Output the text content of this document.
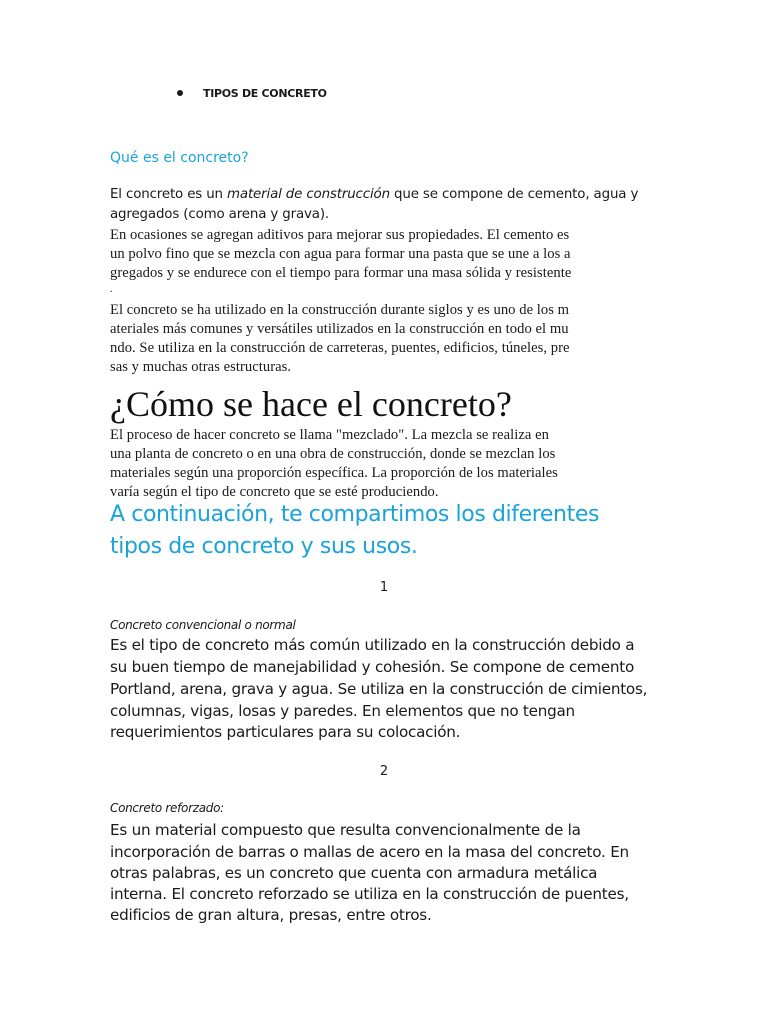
TIPOS DE CONCRETO
Qué es el concreto?
El concreto es un material de construcción que se compone de cemento, agua y
agregados (como arena y grava).
En ocasiones se agregan aditivos para mejorar sus propiedades. El cemento es
un polvo fino que se mezcla con agua para formar una pasta que se une a los a
gregados y se endurece con el tiempo para formar una masa sólida y resistente
.
El concreto se ha utilizado en la construcción durante siglos y es uno de los m
ateriales más comunes y versátiles utilizados en la construcción en todo el mu
ndo. Se utiliza en la construcción de carreteras, puentes, edificios, túneles, pre
sas y muchas otras estructuras.
¿Cómo se hace el concreto?
El proceso de hacer concreto se llama "mezclado". La mezcla se realiza en
una planta de concreto o en una obra de construcción, donde se mezclan los
materiales según una proporción específica. La proporción de los materiales
varía según el tipo de concreto que se esté produciendo.
A continuación, te compartimos los diferentes
tipos de concreto y sus usos.
1
Concreto convencional o normal
Es el tipo de concreto más común utilizado en la construcción debido a
su buen tiempo de manejabilidad y cohesión. Se compone de cemento
Portland, arena, grava y agua. Se utiliza en la construcción de cimientos,
columnas, vigas, losas y paredes. En elementos que no tengan
requerimientos particulares para su colocación.
2
Concreto reforzado:
Es un material compuesto que resulta convencionalmente de la
incorporación de barras o mallas de acero en la masa del concreto. En
otras palabras, es un concreto que cuenta con armadura metálica
interna. El concreto reforzado se utiliza en la construcción de puentes,
edificios de gran altura, presas, entre otros.
